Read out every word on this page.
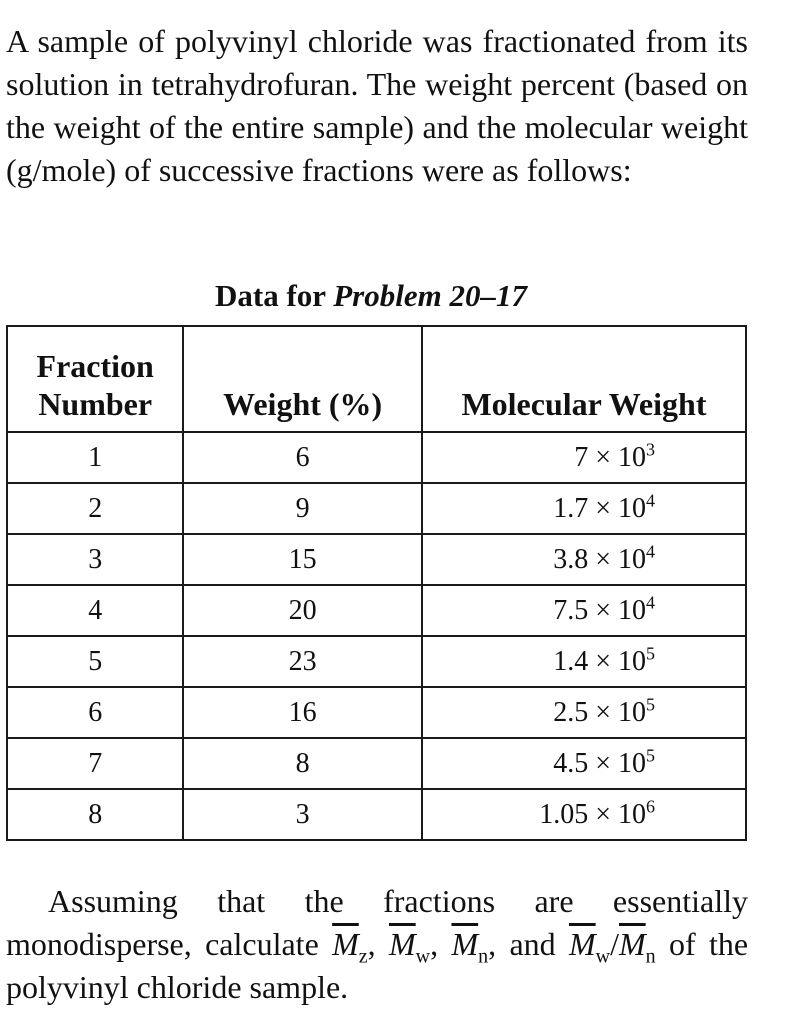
A sample of polyvinyl chloride was fractionated from its solution in tetrahydrofuran. The weight percent (based on the weight of the entire sample) and the molecular weight (g/mole) of successive fractions were as follows:

Data for Problem 20–17

Fraction
Number	Weight (%)	Molecular Weight
1	6	$7 \times 10^3$
2	9	$1.7 \times 10^4$
3	15	$3.8 \times 10^4$
4	20	$7.5 \times 10^4$
5	23	$1.4 \times 10^5$
6	16	$2.5 \times 10^5$
7	8	$4.5 \times 10^5$
8	3	$1.05 \times 10^6$

Assuming that the fractions are essentially monodisperse, calculate $\overline{M}_z$, $\overline{M}_w$, $\overline{M}_n$, and $\overline{M}_w/\overline{M}_n$ of the polyvinyl chloride sample.
